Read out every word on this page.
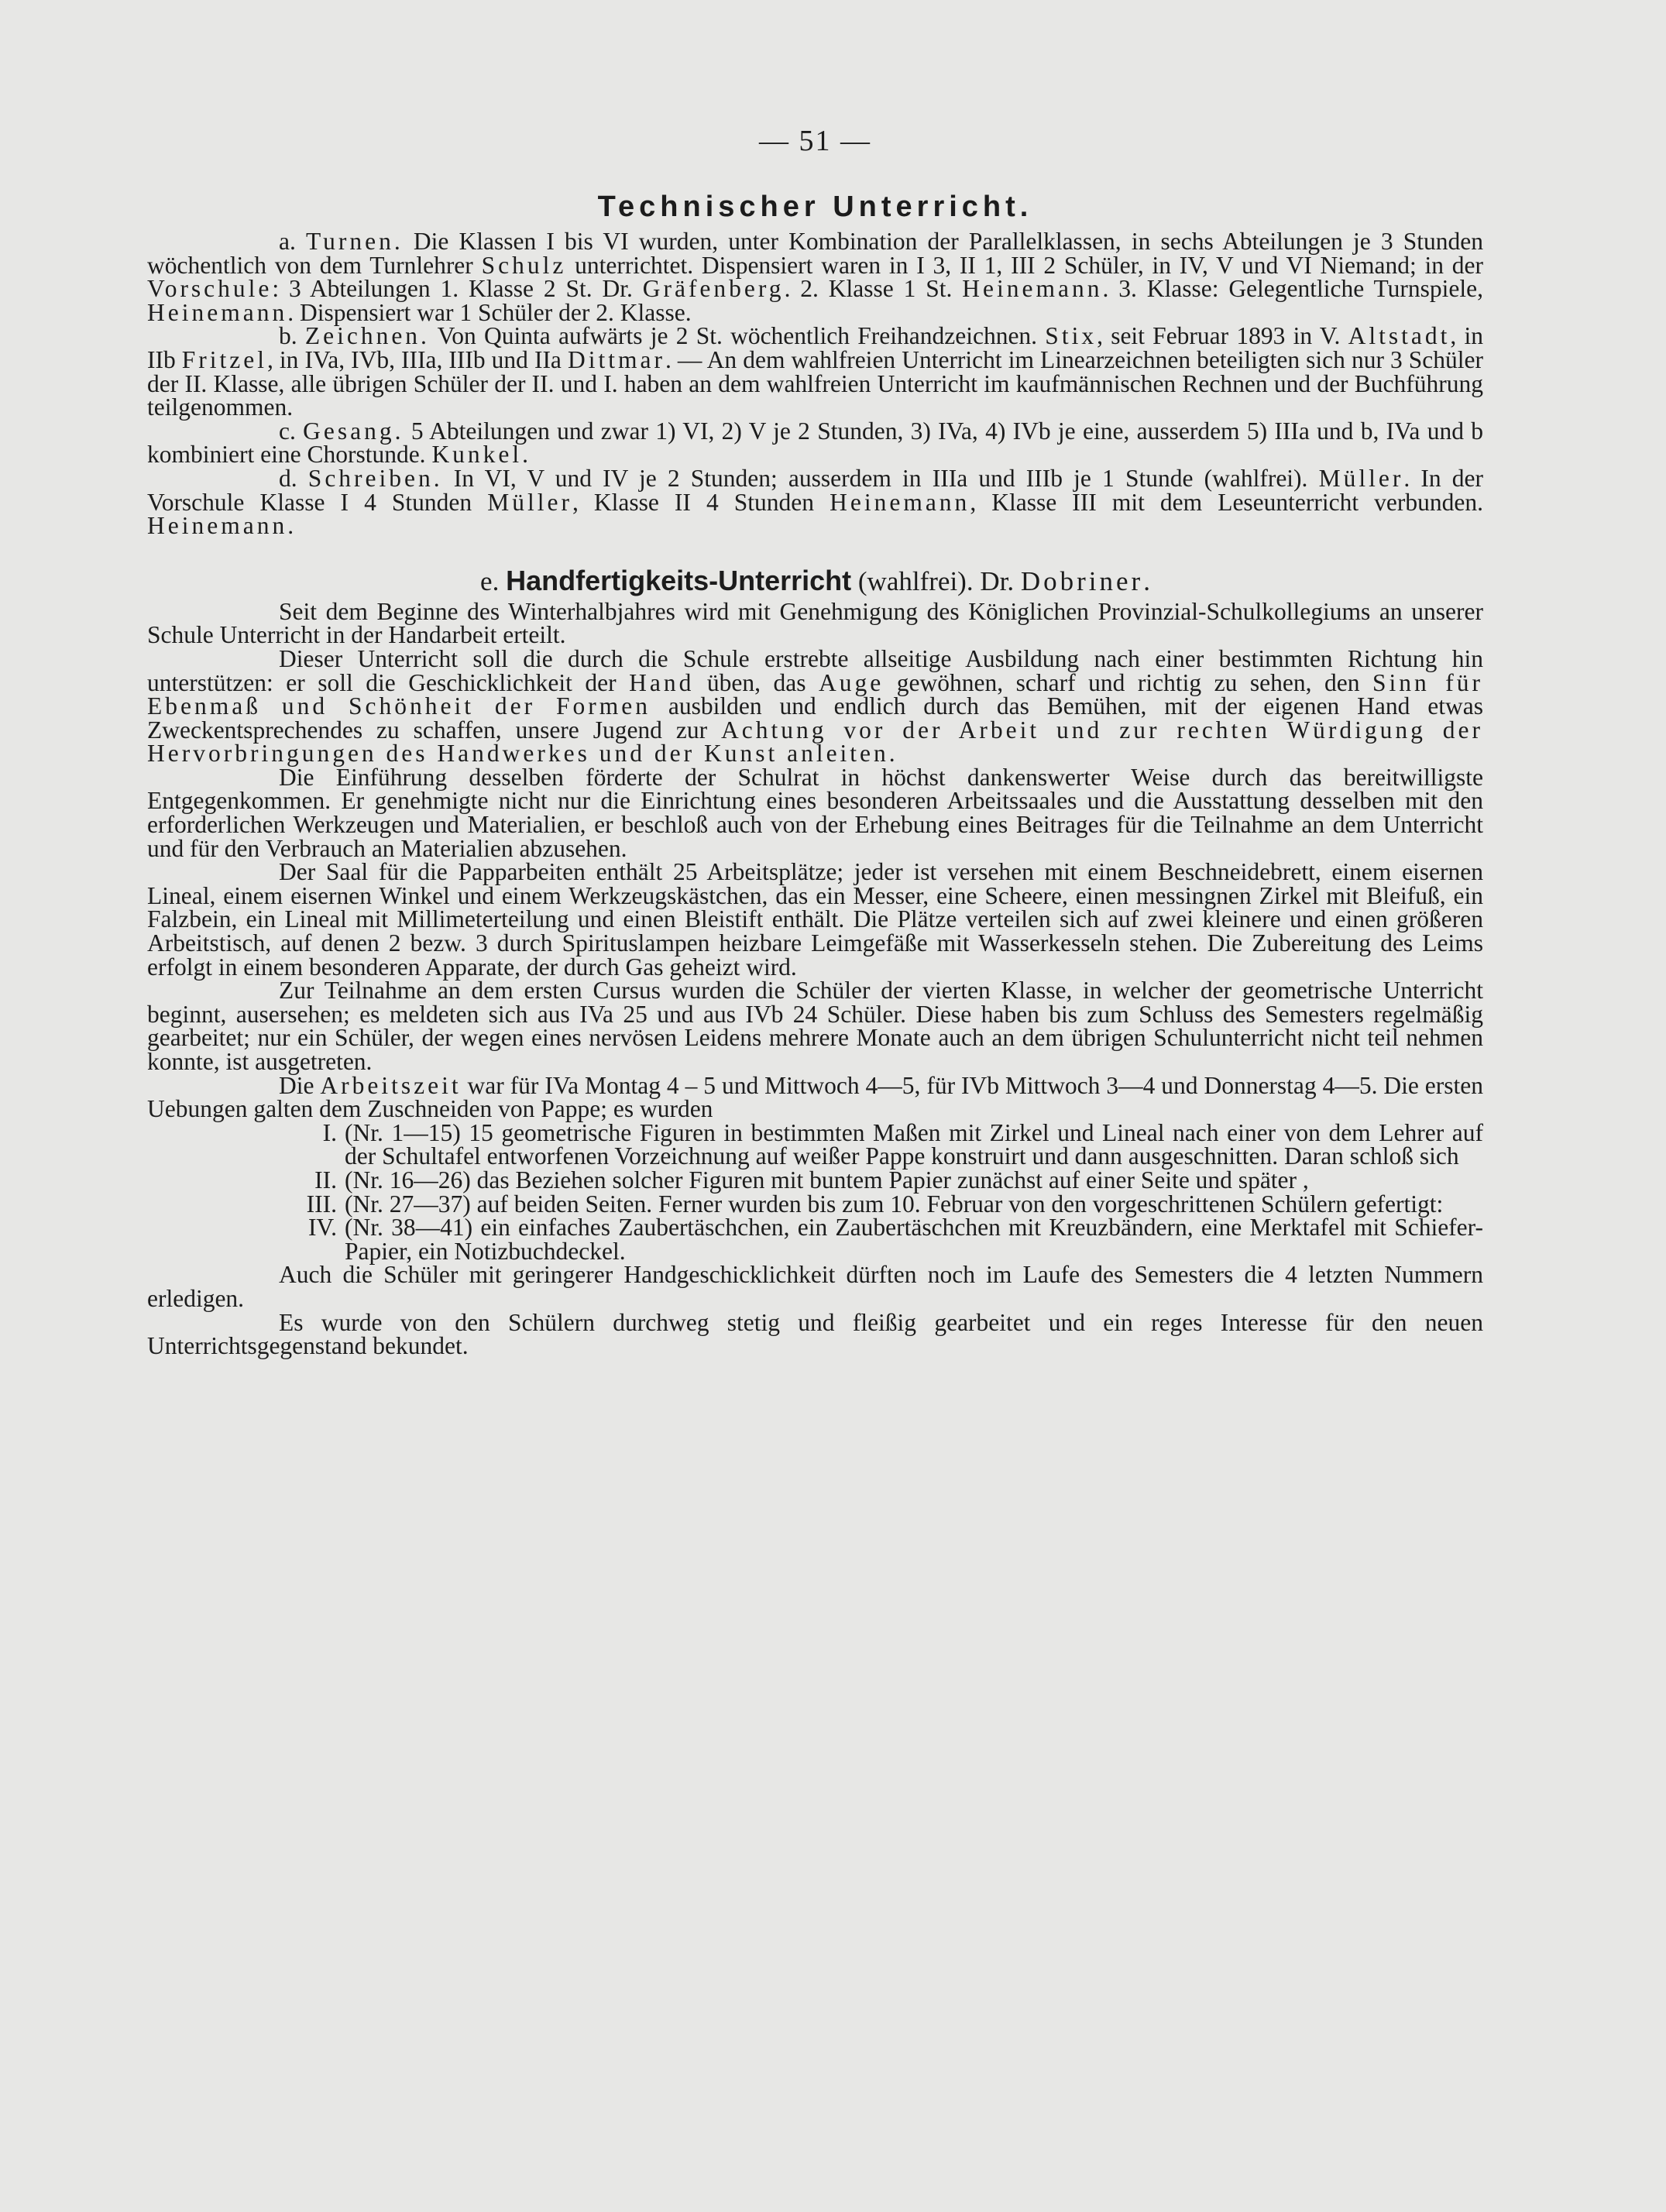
— 51 —
Technischer Unterricht.

a. Turnen. Die Klassen I bis VI wurden, unter Kombination der Parallelklassen, in sechs Abteilungen je 3 Stunden wöchentlich von dem Turnlehrer Schulz unterrichtet. Dispensiert waren in I 3, II 1, III 2 Schüler, in IV, V und VI Niemand; in der Vorschule: 3 Abteilungen 1. Klasse 2 St. Dr. Gräfenberg. 2. Klasse 1 St. Heinemann. 3. Klasse: Gelegentliche Turnspiele, Heinemann. Dispensiert war 1 Schüler der 2. Klasse.

b. Zeichnen. Von Quinta aufwärts je 2 St. wöchentlich Freihandzeichnen. Stix, seit Februar 1893 in V. Altstadt, in IIb Fritzel, in IVa, IVb, IIIa, IIIb und IIa Dittmar. — An dem wahlfreien Unterricht im Linearzeichnen beteiligten sich nur 3 Schüler der II. Klasse, alle übrigen Schüler der II. und I. haben an dem wahlfreien Unterricht im kaufmännischen Rechnen und der Buchführung teilgenommen.

c. Gesang. 5 Abteilungen und zwar 1) VI, 2) V je 2 Stunden, 3) IVa, 4) IVb je eine, ausserdem 5) IIIa und b, IVa und b kombiniert eine Chorstunde. Kunkel.

d. Schreiben. In VI, V und IV je 2 Stunden; ausserdem in IIIa und IIIb je 1 Stunde (wahlfrei). Müller. In der Vorschule Klasse I 4 Stunden Müller, Klasse II 4 Stunden Heinemann, Klasse III mit dem Leseunterricht verbunden. Heinemann.

e. Handfertigkeits-Unterricht (wahlfrei). Dr. Dobriner.

Seit dem Beginne des Winterhalbjahres wird mit Genehmigung des Königlichen Provinzial-Schulkollegiums an unserer Schule Unterricht in der Handarbeit erteilt.

Dieser Unterricht soll die durch die Schule erstrebte allseitige Ausbildung nach einer bestimmten Richtung hin unterstützen: er soll die Geschicklichkeit der Hand üben, das Auge gewöhnen, scharf und richtig zu sehen, den Sinn für Ebenmaß und Schönheit der Formen ausbilden und endlich durch das Bemühen, mit der eigenen Hand etwas Zweckentsprechendes zu schaffen, unsere Jugend zur Achtung vor der Arbeit und zur rechten Würdigung der Hervorbringungen des Handwerkes und der Kunst anleiten.

Die Einführung desselben förderte der Schulrat in höchst dankenswerter Weise durch das bereitwilligste Entgegenkommen. Er genehmigte nicht nur die Einrichtung eines besonderen Arbeitssaales und die Ausstattung desselben mit den erforderlichen Werkzeugen und Materialien, er beschloß auch von der Erhebung eines Beitrages für die Teilnahme an dem Unterricht und für den Verbrauch an Materialien abzusehen.

Der Saal für die Papparbeiten enthält 25 Arbeitsplätze; jeder ist versehen mit einem Beschneidebrett, einem eisernen Lineal, einem eisernen Winkel und einem Werkzeugskästchen, das ein Messer, eine Scheere, einen messingnen Zirkel mit Bleifuß, ein Falzbein, ein Lineal mit Millimeterteilung und einen Bleistift enthält. Die Plätze verteilen sich auf zwei kleinere und einen größeren Arbeitstisch, auf denen 2 bezw. 3 durch Spirituslampen heizbare Leimgefäße mit Wasserkesseln stehen. Die Zubereitung des Leims erfolgt in einem besonderen Apparate, der durch Gas geheizt wird.

Zur Teilnahme an dem ersten Cursus wurden die Schüler der vierten Klasse, in welcher der geometrische Unterricht beginnt, ausersehen; es meldeten sich aus IVa 25 und aus IVb 24 Schüler. Diese haben bis zum Schluss des Semesters regelmäßig gearbeitet; nur ein Schüler, der wegen eines nervösen Leidens mehrere Monate auch an dem übrigen Schulunterricht nicht teil nehmen konnte, ist ausgetreten.

Die Arbeitszeit war für IVa Montag 4 – 5 und Mittwoch 4—5, für IVb Mittwoch 3—4 und Donnerstag 4—5. Die ersten Uebungen galten dem Zuschneiden von Pappe; es wurden

I. (Nr. 1—15) 15 geometrische Figuren in bestimmten Maßen mit Zirkel und Lineal nach einer von dem Lehrer auf der Schultafel entworfenen Vorzeichnung auf weißer Pappe konstruirt und dann ausgeschnitten. Daran schloß sich
II. (Nr. 16—26) das Beziehen solcher Figuren mit buntem Papier zunächst auf einer Seite und später ,
III. (Nr. 27—37) auf beiden Seiten. Ferner wurden bis zum 10. Februar von den vorgeschrittenen Schülern gefertigt:
IV. (Nr. 38—41) ein einfaches Zaubertäschchen, ein Zaubertäschchen mit Kreuzbändern, eine Merktafel mit Schiefer-Papier, ein Notizbuchdeckel.

Auch die Schüler mit geringerer Handgeschicklichkeit dürften noch im Laufe des Semesters die 4 letzten Nummern erledigen.

Es wurde von den Schülern durchweg stetig und fleißig gearbeitet und ein reges Interesse für den neuen Unterrichtsgegenstand bekundet.
